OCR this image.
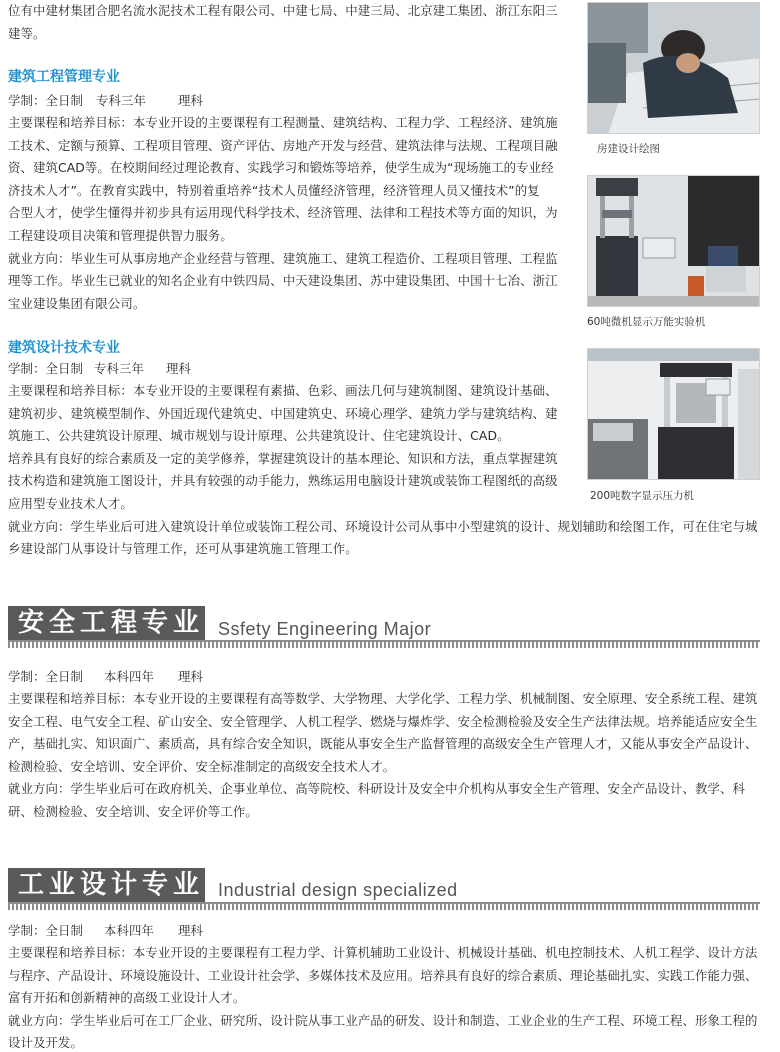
位有中建材集团合肥名流水泥技术工程有限公司、中建七局、中建三局、北京建工集团、浙江东阳三
建等。
建筑工程管理专业
学制：全日制 专科三年	理科
主要课程和培养目标：本专业开设的主要课程有工程测量、建筑结构、工程力学、工程经济、建筑施
工技术、定额与预算、工程项目管理、资产评估、房地产开发与经营、建筑法律与法规、工程项目融
资、建筑CAD等。在校期间经过理论教育、实践学习和锻炼等培养，使学生成为“现场施工的专业经
济技术人才”。在教育实践中，特别着重培养“技术人员懂经济管理，经济管理人员又懂技术”的复
合型人才，使学生懂得并初步具有运用现代科学技术、经济管理、法律和工程技术等方面的知识，为
工程建设项目决策和管理提供智力服务。
就业方向：毕业生可从事房地产企业经营与管理、建筑施工、建筑工程造价、工程项目管理、工程监
理等工作。毕业生已就业的知名企业有中铁四局、中天建设集团、苏中建设集团、中国十七冶、浙江
宝业建设集团有限公司。
建筑设计技术专业
学制：全日制 专科三年 理科
主要课程和培养目标：本专业开设的主要课程有素描、色彩、画法几何与建筑制图、建筑设计基础、
建筑初步、建筑模型制作、外国近现代建筑史、中国建筑史、环境心理学、建筑力学与建筑结构、建
筑施工、公共建筑设计原理、城市规划与设计原理、公共建筑设计、住宅建筑设计、CAD。
培养具有良好的综合素质及一定的美学修养，掌握建筑设计的基本理论、知识和方法，重点掌握建筑
技术构造和建筑施工图设计，并具有较强的动手能力，熟练运用电脑设计建筑或装饰工程图纸的高级
应用型专业技术人才。
就业方向：学生毕业后可进入建筑设计单位或装饰工程公司、环境设计公司从事中小型建筑的设计、规划辅助和绘图工作，可在住宅与城
乡建设部门从事设计与管理工作，还可从事建筑施工管理工作。
房建设计绘图
60吨微机显示万能实验机
200吨数字显示压力机
安全工程专业 Ssfety Engineering Major
学制：全日制 本科四年 理科
主要课程和培养目标：本专业开设的主要课程有高等数学、大学物理、大学化学、工程力学、机械制图、安全原理、安全系统工程、建筑
安全工程、电气安全工程、矿山安全、安全管理学、人机工程学、燃烧与爆炸学、安全检测检验及安全生产法律法规。培养能适应安全生
产，基础扎实、知识面广、素质高，具有综合安全知识，既能从事安全生产监督管理的高级安全生产管理人才，又能从事安全产品设计、
检测检验、安全培训、安全评价、安全标准制定的高级安全技术人才。
就业方向：学生毕业后可在政府机关、企事业单位、高等院校、科研设计及安全中介机构从事安全生产管理、安全产品设计、教学、科
研、检测检验、安全培训、安全评价等工作。
工业设计专业 Industrial design specialized
学制：全日制 本科四年 理科
主要课程和培养目标：本专业开设的主要课程有工程力学、计算机辅助工业设计、机械设计基础、机电控制技术、人机工程学、设计方法
与程序、产品设计、环境设施设计、工业设计社会学、多媒体技术及应用。培养具有良好的综合素质、理论基础扎实、实践工作能力强、
富有开拓和创新精神的高级工业设计人才。
就业方向：学生毕业后可在工厂企业、研究所、设计院从事工业产品的研发、设计和制造、工业企业的生产工程、环境工程、形象工程的
设计及开发。
